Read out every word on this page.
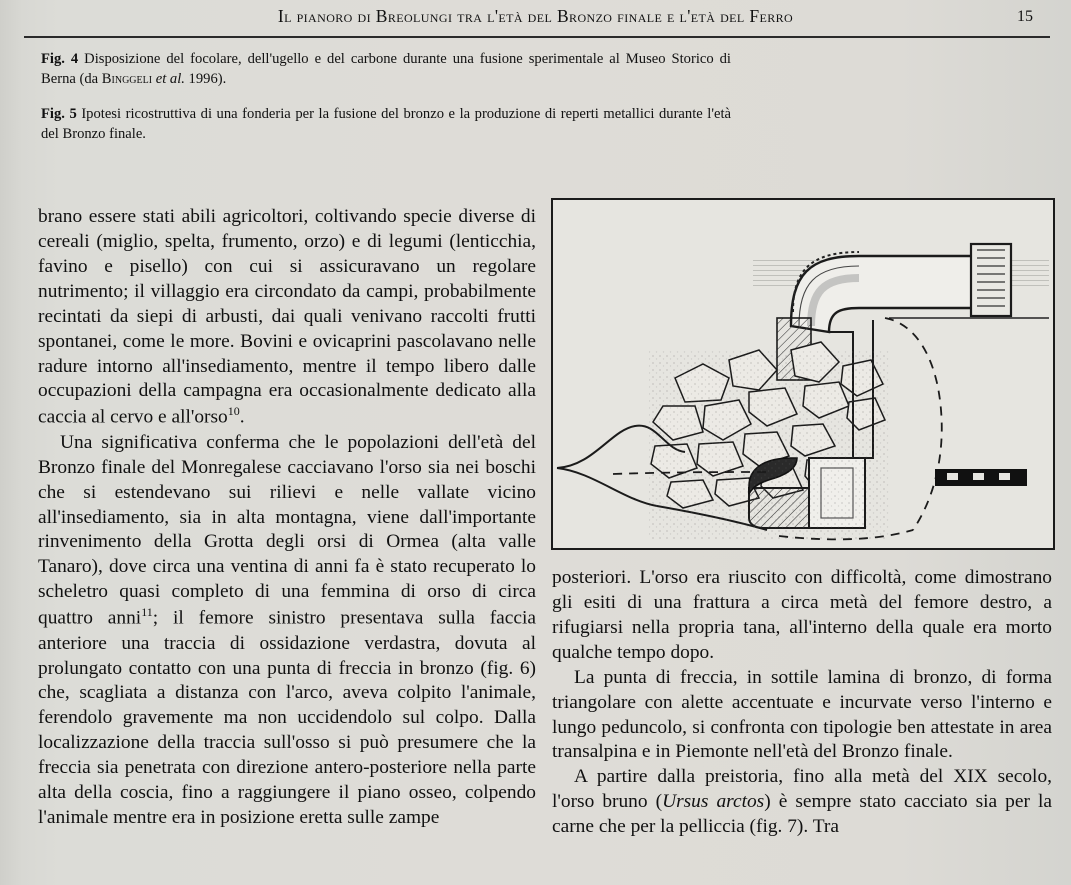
Il pianoro di Breolungi tra l'età del Bronzo finale e l'età del Ferro	15
Fig. 4 Disposizione del focolare, dell'ugello e del carbone durante una fusione sperimentale al Museo Storico di Berna (da Binggeli et al. 1996).
Fig. 5 Ipotesi ricostruttiva di una fonderia per la fusione del bronzo e la produzione di reperti metallici durante l'età del Bronzo finale.

brano essere stati abili agricoltori, coltivando specie diverse di cereali (miglio, spelta, frumento, orzo) e di legumi (lenticchia, favino e pisello) con cui si assicuravano un regolare nutrimento; il villaggio era circondato da campi, probabilmente recintati da siepi di arbusti, dai quali venivano raccolti frutti spontanei, come le more. Bovini e ovicaprini pascolavano nelle radure intorno all'insediamento, mentre il tempo libero dalle occupazioni della campagna era occasionalmente dedicato alla caccia al cervo e all'orso$^{10}$.

Una significativa conferma che le popolazioni dell'età del Bronzo finale del Monregalese cacciavano l'orso sia nei boschi che si estendevano sui rilievi e nelle vallate vicino all'insediamento, sia in alta montagna, viene dall'importante rinvenimento della Grotta degli orsi di Ormea (alta valle Tanaro), dove circa una ventina di anni fa è stato recuperato lo scheletro quasi completo di una femmina di orso di circa quattro anni$^{11}$; il femore sinistro presentava sulla faccia anteriore una traccia di ossidazione verdastra, dovuta al prolungato contatto con una punta di freccia in bronzo (fig. 6) che, scagliata a distanza con l'arco, aveva colpito l'animale, ferendolo gravemente ma non uccidendolo sul colpo. Dalla localizzazione della traccia sull'osso si può presumere che la freccia sia penetrata con direzione antero-posteriore nella parte alta della coscia, fino a raggiungere il piano osseo, colpendo l'animale mentre era in posizione eretta sulle zampe

posteriori. L'orso era riuscito con difficoltà, come dimostrano gli esiti di una frattura a circa metà del femore destro, a rifugiarsi nella propria tana, all'interno della quale era morto qualche tempo dopo.

La punta di freccia, in sottile lamina di bronzo, di forma triangolare con alette accentuate e incurvate verso l'interno e lungo peduncolo, si confronta con tipologie ben attestate in area transalpina e in Piemonte nell'età del Bronzo finale.

A partire dalla preistoria, fino alla metà del XIX secolo, l'orso bruno (Ursus arctos) è sempre stato cacciato sia per la carne che per la pelliccia (fig. 7). Tra
